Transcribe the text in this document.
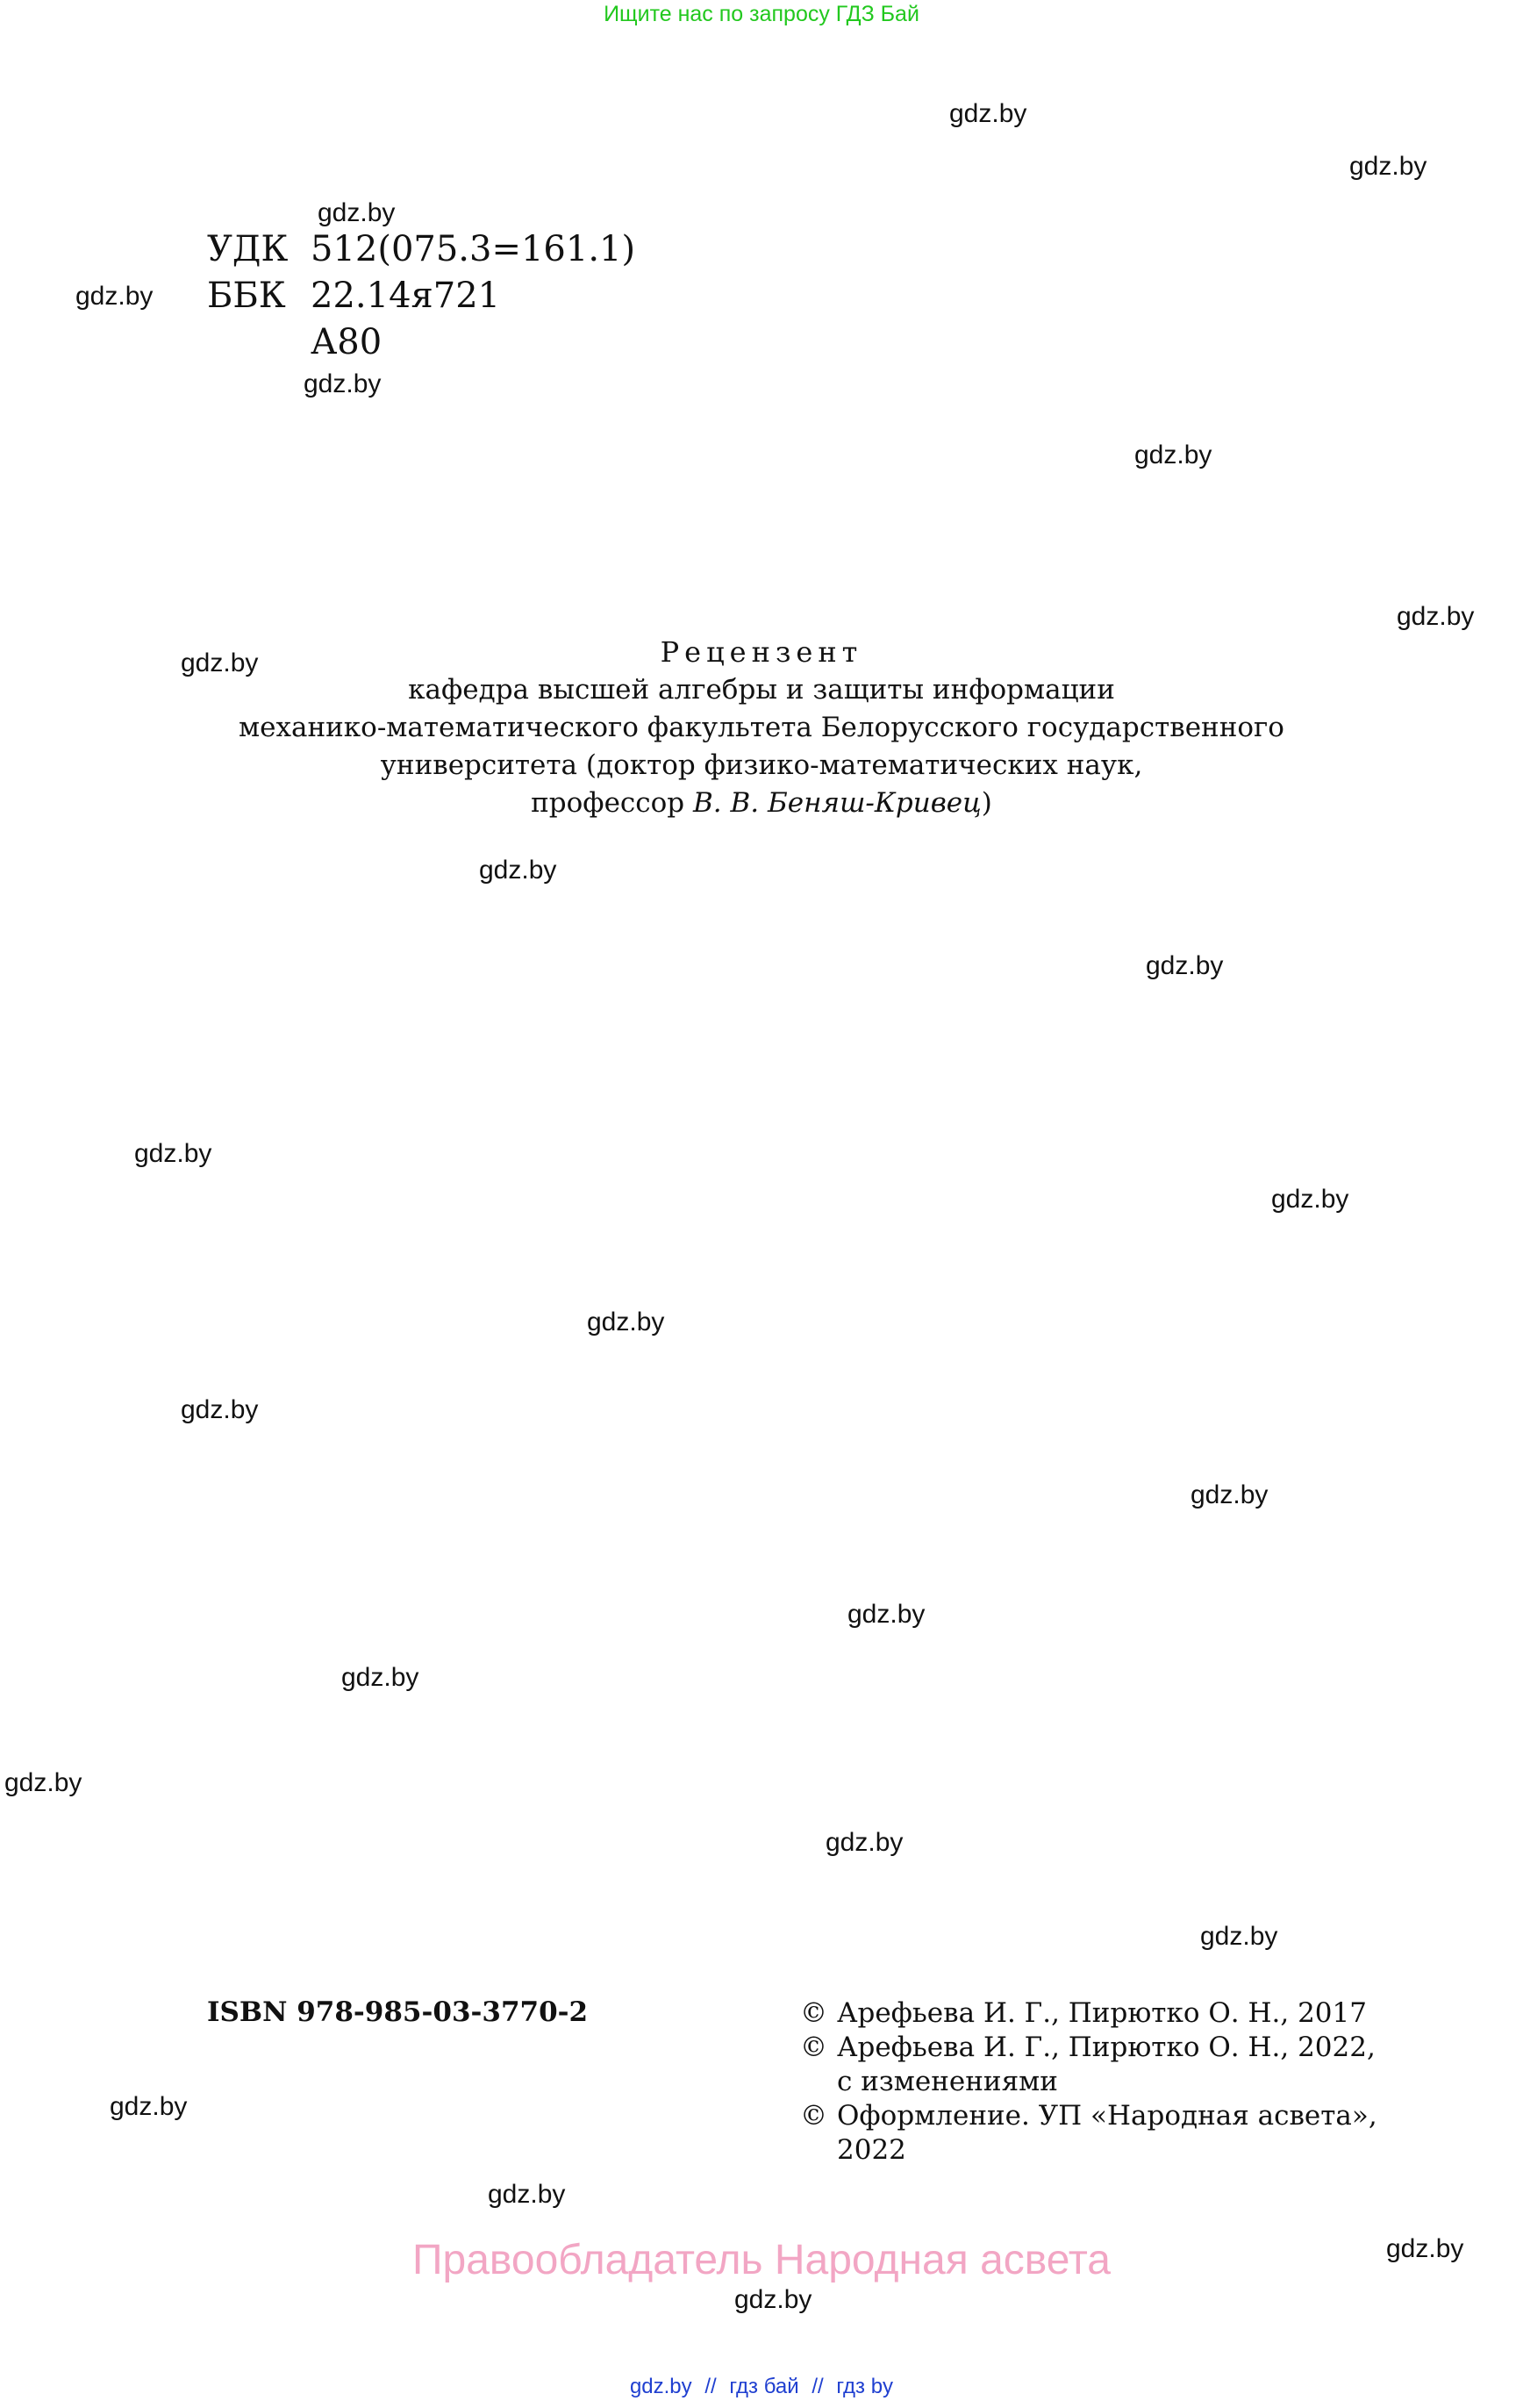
Ищите нас по запросу ГДЗ Бай
gdz.by
gdz.by
gdz.by
gdz.by
gdz.by
gdz.by
gdz.by
gdz.by
gdz.by
gdz.by
gdz.by
gdz.by
gdz.by
gdz.by
gdz.by
gdz.by
gdz.by
gdz.by
gdz.by
gdz.by
gdz.by
gdz.by
gdz.by
gdz.by
УДК 512(075.3=161.1)
ББК 22.14я721
А80
Рецензент
кафедра высшей алгебры и защиты информации
механико-математического факультета Белорусского государственного
университета (доктор физико-математических наук,
профессор В. В. Беняш-Кривец)
ISBN 978-985-03-3770-2	© Арефьева И. Г., Пирютко О. Н., 2017
© Арефьева И. Г., Пирютко О. Н., 2022,
с изменениями
© Оформление. УП «Народная асвета»,
2022
Правообладатель Народная асвета
gdz.by // гдз бай // гдз by
